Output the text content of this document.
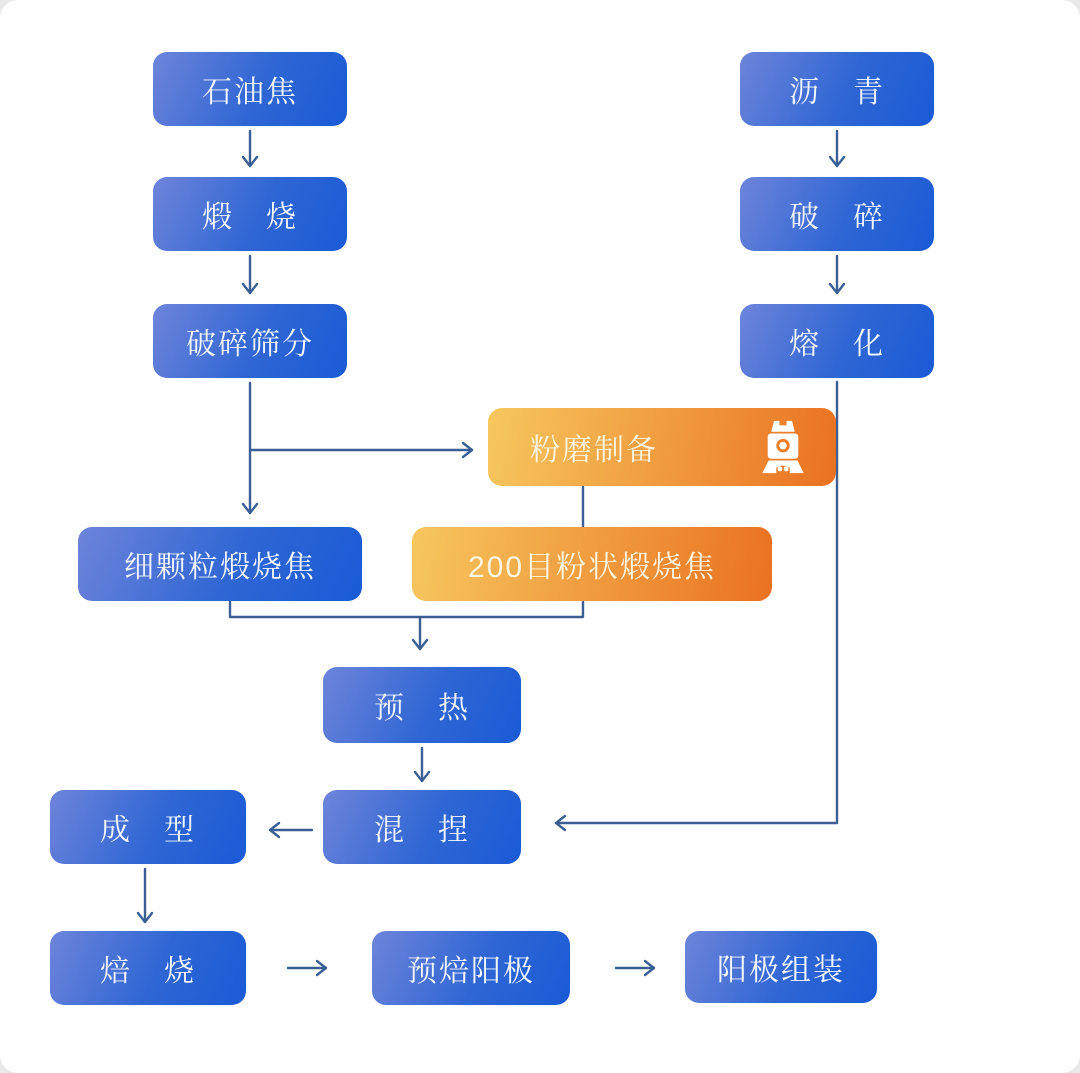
石油焦
煅　烧
破碎筛分
沥　青
破　碎
熔　化
粉磨制备
细颗粒煅烧焦	200目粉状煅烧焦
预　热
混　捏
成　型
焙　烧	预焙阳极	阳极组装
